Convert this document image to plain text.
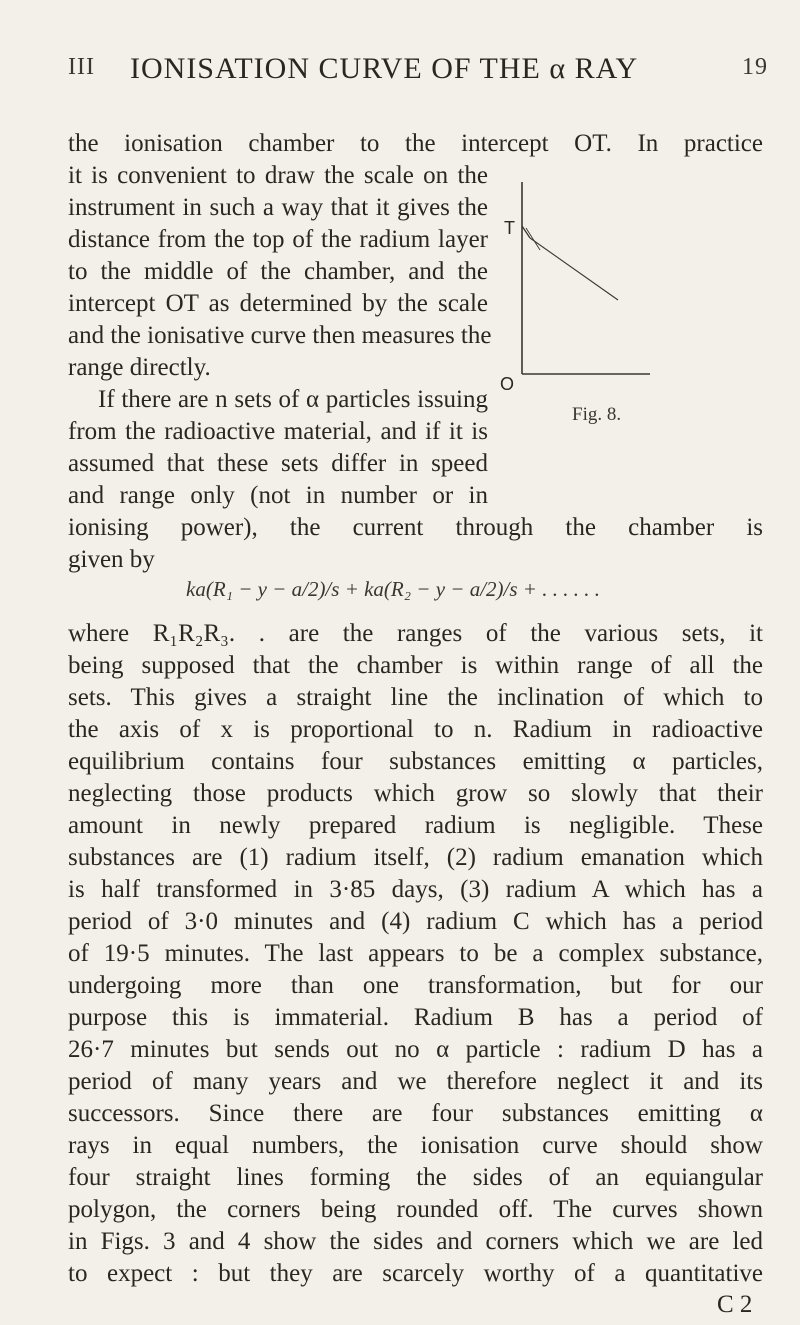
III IONISATION CURVE OF THE α RAY	19
the ionisation chamber to the intercept OT. In practice
it is convenient to draw the scale on the
instrument in such a way that it gives the
distance from the top of the radium layer
to the middle of the chamber, and the
intercept OT as determined by the scale
and the ionisative curve then measures the
range directly.
If there are n sets of α particles issuing
from the radioactive material, and if it is
assumed that these sets differ in speed
and range only (not in number or in
T
O
Fig. 8.
ionising power), the current through the chamber is
given by
ka(R₁ − y − a/2)/s + ka(R₂ − y − a/2)/s + . . . . . .
where R₁R₂R₃. . are the ranges of the various sets, it
being supposed that the chamber is within range of all the
sets. This gives a straight line the inclination of which to
the axis of x is proportional to n. Radium in radioactive
equilibrium contains four substances emitting α particles,
neglecting those products which grow so slowly that their
amount in newly prepared radium is negligible. These
substances are (1) radium itself, (2) radium emanation which
is half transformed in 3·85 days, (3) radium A which has a
period of 3·0 minutes and (4) radium C which has a period
of 19·5 minutes. The last appears to be a complex substance,
undergoing more than one transformation, but for our
purpose this is immaterial. Radium B has a period of
26·7 minutes but sends out no α particle : radium D has a
period of many years and we therefore neglect it and its
successors. Since there are four substances emitting α
rays in equal numbers, the ionisation curve should show
four straight lines forming the sides of an equiangular
polygon, the corners being rounded off. The curves shown
in Figs. 3 and 4 show the sides and corners which we are led
to expect : but they are scarcely worthy of a quantitative
C 2
